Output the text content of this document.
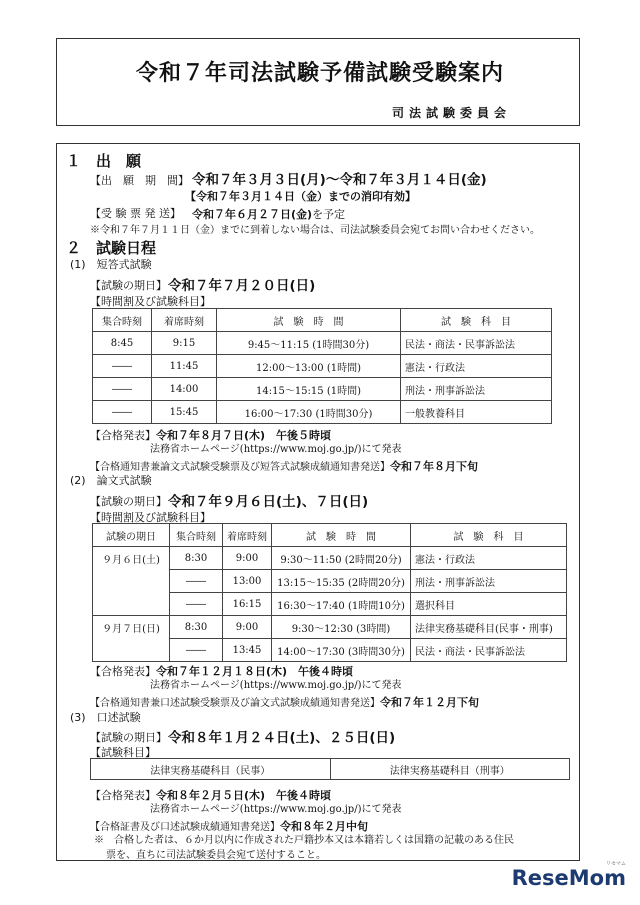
令和７年司法試験予備試験受験案内
司法試験委員会
１　出　願
【出　願　期　間】 令和７年３月３日(月)～令和７年３月１４日(金)
【令和７年３月１４日（金）までの消印有効】
【受 験 票 発 送】 令和７年６月２７日(金)を予定
※令和７年７月１１日（金）までに到着しない場合は、司法試験委員会宛てお問い合わせください。
２　試験日程
(1)　短答式試験
【試験の期日】 令和７年７月２０日(日)
【時間割及び試験科目】
集合時刻	着席時刻	試　験　時　間	試　験　科　目
8:45	9:15	9:45～11:15 (1時間30分)	民法・商法・民事訴訟法
――	11:45	12:00～13:00 (1時間)	憲法・行政法
――	14:00	14:15～15:15 (1時間)	刑法・刑事訴訟法
――	15:45	16:00～17:30 (1時間30分)	一般教養科目
【合格発表】令和７年８月７日(木)　午後５時頃
法務省ホームページ(https://www.moj.go.jp/)にて発表
【合格通知書兼論文式試験受験票及び短答式試験成績通知書発送】令和７年８月下旬
(2)　論文式試験
【試験の期日】 令和７年９月６日(土)、７日(日)
【時間割及び試験科目】
試験の期日	集合時刻	着席時刻	試　験　時　間	試　験　科　目
９月６日(土)	8:30	9:00	9:30～11:50 (2時間20分)	憲法・行政法
	――	13:00	13:15～15:35 (2時間20分)	刑法・刑事訴訟法
	――	16:15	16:30～17:40 (1時間10分)	選択科目
９月７日(日)	8:30	9:00	9:30～12:30 (3時間)	法律実務基礎科目(民事・刑事)
	――	13:45	14:00～17:30 (3時間30分)	民法・商法・民事訴訟法
【合格発表】令和７年１２月１８日(木)　午後４時頃
法務省ホームページ(https://www.moj.go.jp/)にて発表
【合格通知書兼口述試験受験票及び論文式試験成績通知書発送】令和７年１２月下旬
(3)　口述試験
【試験の期日】 令和８年１月２４日(土)、２５日(日)
【試験科目】
法律実務基礎科目（民事）	法律実務基礎科目（刑事）
【合格発表】令和８年２月５日(木)　午後４時頃
法務省ホームページ(https://www.moj.go.jp/)にて発表
【合格証書及び口述試験成績通知書発送】令和８年２月中旬
※　合格した者は、６か月以内に作成された戸籍抄本又は本籍若しくは国籍の記載のある住民
票を、直ちに司法試験委員会宛て送付すること。
リセマム
ReseMom
